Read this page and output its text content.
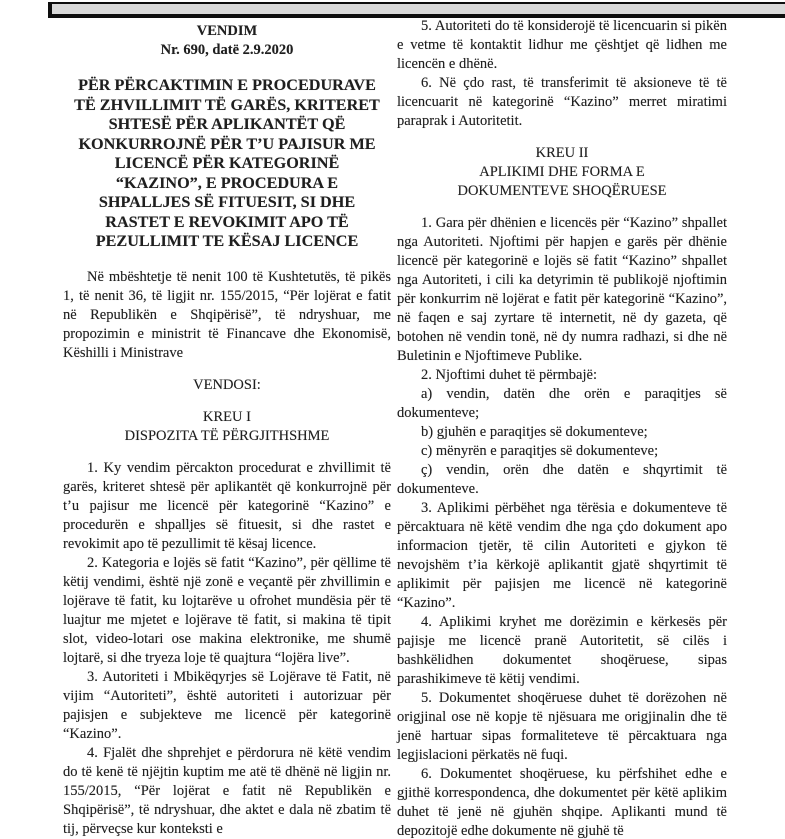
VENDIM
Nr. 690, datë 2.9.2020
PËR PËRCAKTIMIN E PROCEDURAVE
TË ZHVILLIMIT TË GARËS, KRITERET
SHTESË PËR APLIKANTËT QË
KONKURROJNË PËR T’U PAJISUR ME
LICENCË PËR KATEGORINË
“KAZINO”, E PROCEDURA E
SHPALLJES SË FITUESIT, SI DHE
RASTET E REVOKIMIT APO TË
PEZULLIMIT TE KËSAJ LICENCE

Në mbështetje të nenit 100 të Kushtetutës, të pikës 1, të nenit 36, të ligjit nr. 155/2015, “Për lojërat e fatit në Republikën e Shqipërisë”, të ndryshuar, me propozimin e ministrit të Financave dhe Ekonomisë, Këshilli i Ministrave

VENDOSI:
KREU I
DISPOZITA TË PËRGJITHSHME

1. Ky vendim përcakton procedurat e zhvillimit të garës, kriteret shtesë për aplikantët që konkurrojnë për t’u pajisur me licencë për kategorinë “Kazino” e procedurën e shpalljes së fituesit, si dhe rastet e revokimit apo të pezullimit të kësaj licence.

2. Kategoria e lojës së fatit “Kazino”, për qëllime të këtij vendimi, është një zonë e veçantë për zhvillimin e lojërave të fatit, ku lojtarëve u ofrohet mundësia për të luajtur me mjetet e lojërave të fatit, si makina të tipit slot, video-lotari ose makina elektronike, me shumë lojtarë, si dhe tryeza loje të quajtura “lojëra live”.

3. Autoriteti i Mbikëqyrjes së Lojërave të Fatit, në vijim “Autoriteti”, është autoriteti i autorizuar për pajisjen e subjekteve me licencë për kategorinë “Kazino”.

4. Fjalët dhe shprehjet e përdorura në këtë vendim do të kenë të njëjtin kuptim me atë të dhënë në ligjin nr. 155/2015, “Për lojërat e fatit në Republikën e Shqipërisë”, të ndryshuar, dhe aktet e dala në zbatim të tij, përveçse kur konteksti e

5. Autoriteti do të konsiderojë të licencuarin si pikën e vetme të kontaktit lidhur me çështjet që lidhen me licencën e dhënë.

6. Në çdo rast, të transferimit të aksioneve të të licencuarit në kategorinë “Kazino” merret miratimi paraprak i Autoritetit.

KREU II
APLIKIMI DHE FORMA E
DOKUMENTEVE SHOQËRUESE

1. Gara për dhënien e licencës për “Kazino” shpallet nga Autoriteti. Njoftimi për hapjen e garës për dhënie licencë për kategorinë e lojës së fatit “Kazino” shpallet nga Autoriteti, i cili ka detyrimin të publikojë njoftimin për konkurrim në lojërat e fatit për kategorinë “Kazino”, në faqen e saj zyrtare të internetit, në dy gazeta, që botohen në vendin tonë, në dy numra radhazi, si dhe në Buletinin e Njoftimeve Publike.

2. Njoftimi duhet të përmbajë:

a) vendin, datën dhe orën e paraqitjes së dokumenteve;

b) gjuhën e paraqitjes së dokumenteve;

c) mënyrën e paraqitjes së dokumenteve;

ç) vendin, orën dhe datën e shqyrtimit të dokumenteve.

3. Aplikimi përbëhet nga tërësia e dokumenteve të përcaktuara në këtë vendim dhe nga çdo dokument apo informacion tjetër, të cilin Autoriteti e gjykon të nevojshëm t’ia kërkojë aplikantit gjatë shqyrtimit të aplikimit për pajisjen me licencë në kategorinë “Kazino”.

4. Aplikimi kryhet me dorëzimin e kërkesës për pajisje me licencë pranë Autoritetit, së cilës i bashkëlidhen dokumentet shoqëruese, sipas parashikimeve të këtij vendimi.

5. Dokumentet shoqëruese duhet të dorëzohen në origjinal ose në kopje të njësuara me origjinalin dhe të jenë hartuar sipas formaliteteve të përcaktuara nga legjislacioni përkatës në fuqi.

6. Dokumentet shoqëruese, ku përfshihet edhe e gjithë korrespondenca, dhe dokumentet për këtë aplikim duhet të jenë në gjuhën shqipe. Aplikanti mund të depozitojë edhe dokumente në gjuhë të
